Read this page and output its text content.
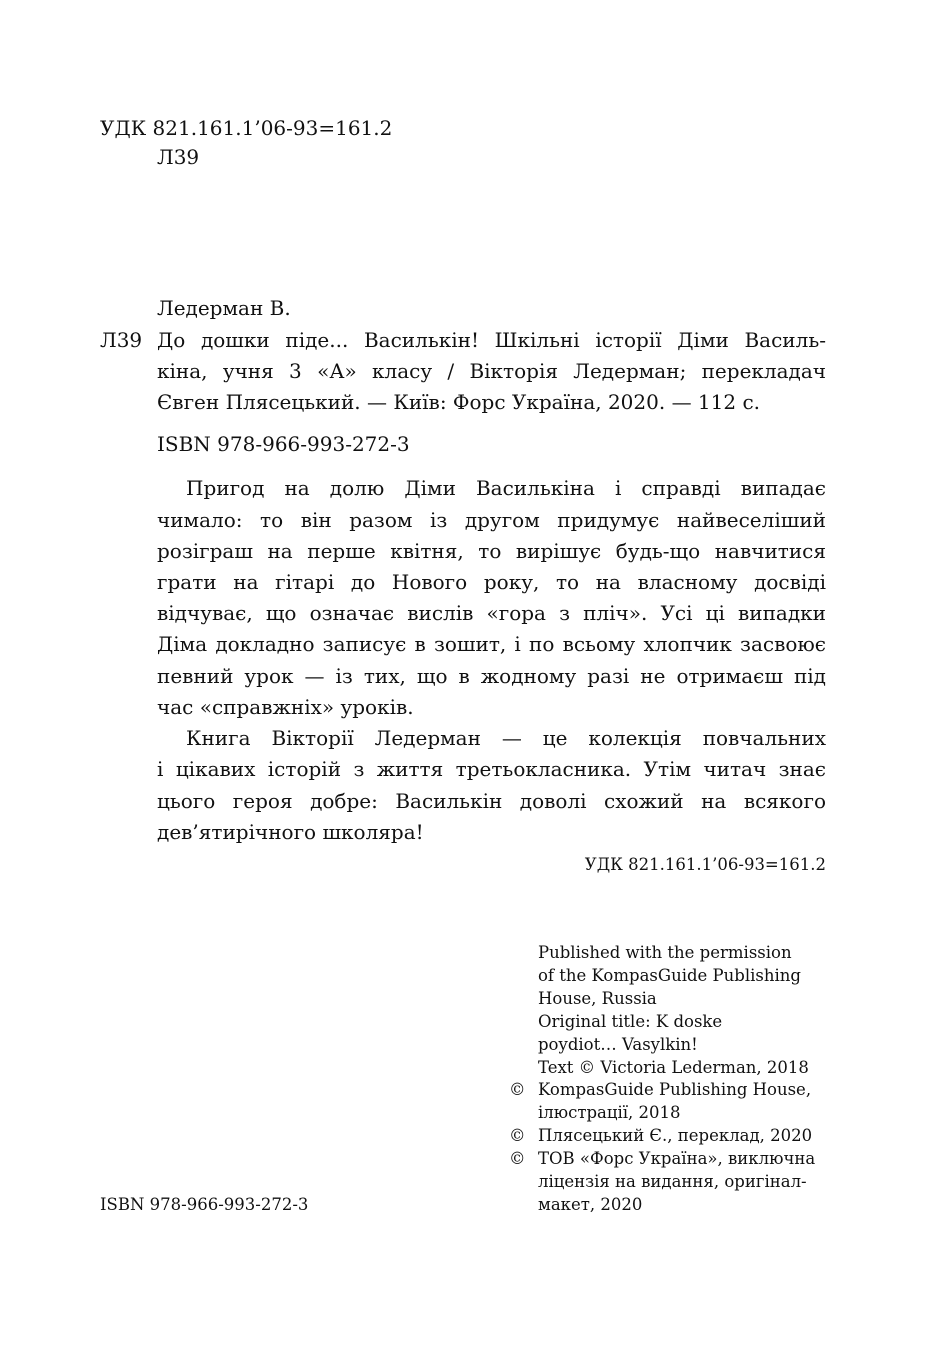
УДК 821.161.1’06-93=161.2
Л39
Ледерман В.
Л39 До дошки піде... Василькін! Шкільні історії Діми Василь-
кіна, учня 3 «А» класу / Вікторія Ледерман; перекладач
Євген Плясецький. — Київ: Форс Україна, 2020. — 112 с.
ISBN 978-966-993-272-3
Пригод на долю Діми Василькіна і справді випадає
чимало: то він разом із другом придумує найвеселіший
розіграш на перше квітня, то вирішує будь-що навчитися
грати на гітарі до Нового року, то на власному досвіді
відчуває, що означає вислів «гора з пліч». Усі ці випадки
Діма докладно записує в зошит, і по всьому хлопчик засвоює
певний урок — із тих, що в жодному разі не отримаєш під
час «справжніх» уроків.
Книга Вікторії Ледерман — це колекція повчальних
і цікавих історій з життя третьокласника. Утім читач знає
цього героя добре: Василькін доволі схожий на всякого
дев’ятирічного школяра!
УДК 821.161.1’06-93=161.2
Published with the permission
of the KompasGuide Publishing
House, Russia
Original title: K doske
poydiot… Vasylkin!
Text © Victoria Lederman, 2018
© KompasGuide Publishing House,
ілюстрації, 2018
© Плясецький Є., переклад, 2020
© ТОВ «Форс Україна», виключна
ліцензія на видання, оригінал-
макет, 2020
ISBN 978-966-993-272-3
